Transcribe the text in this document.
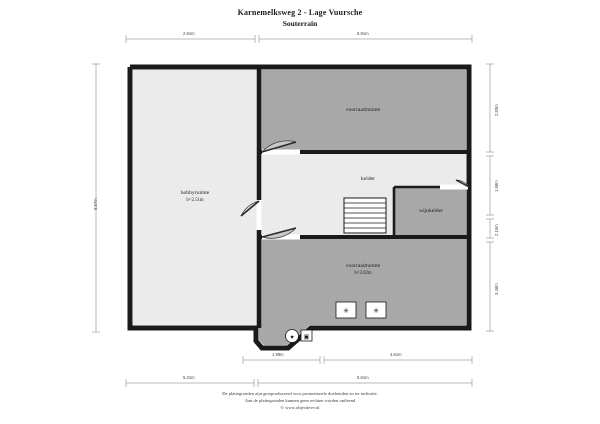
Karnemelksweg 2 - Lage Vuursche
Souterrain
✳	✳
♥ ▣
hobbyruimte
h=2.51m
voorraadruimte
kelder
wijnkelder
voorraadruimte
h=2.02m
2.91m	6.81m
9.87m
2.83m
1.98m
2.15m
3.48m
1.98m	4.61m
5.31m	5.61m
De plattegronden zijn gereproduceerd voor promotionele doeleinden en ter indicatie.
Aan de plattegronden kunnen geen rechten worden ontleend
© www.objectieve.nl
